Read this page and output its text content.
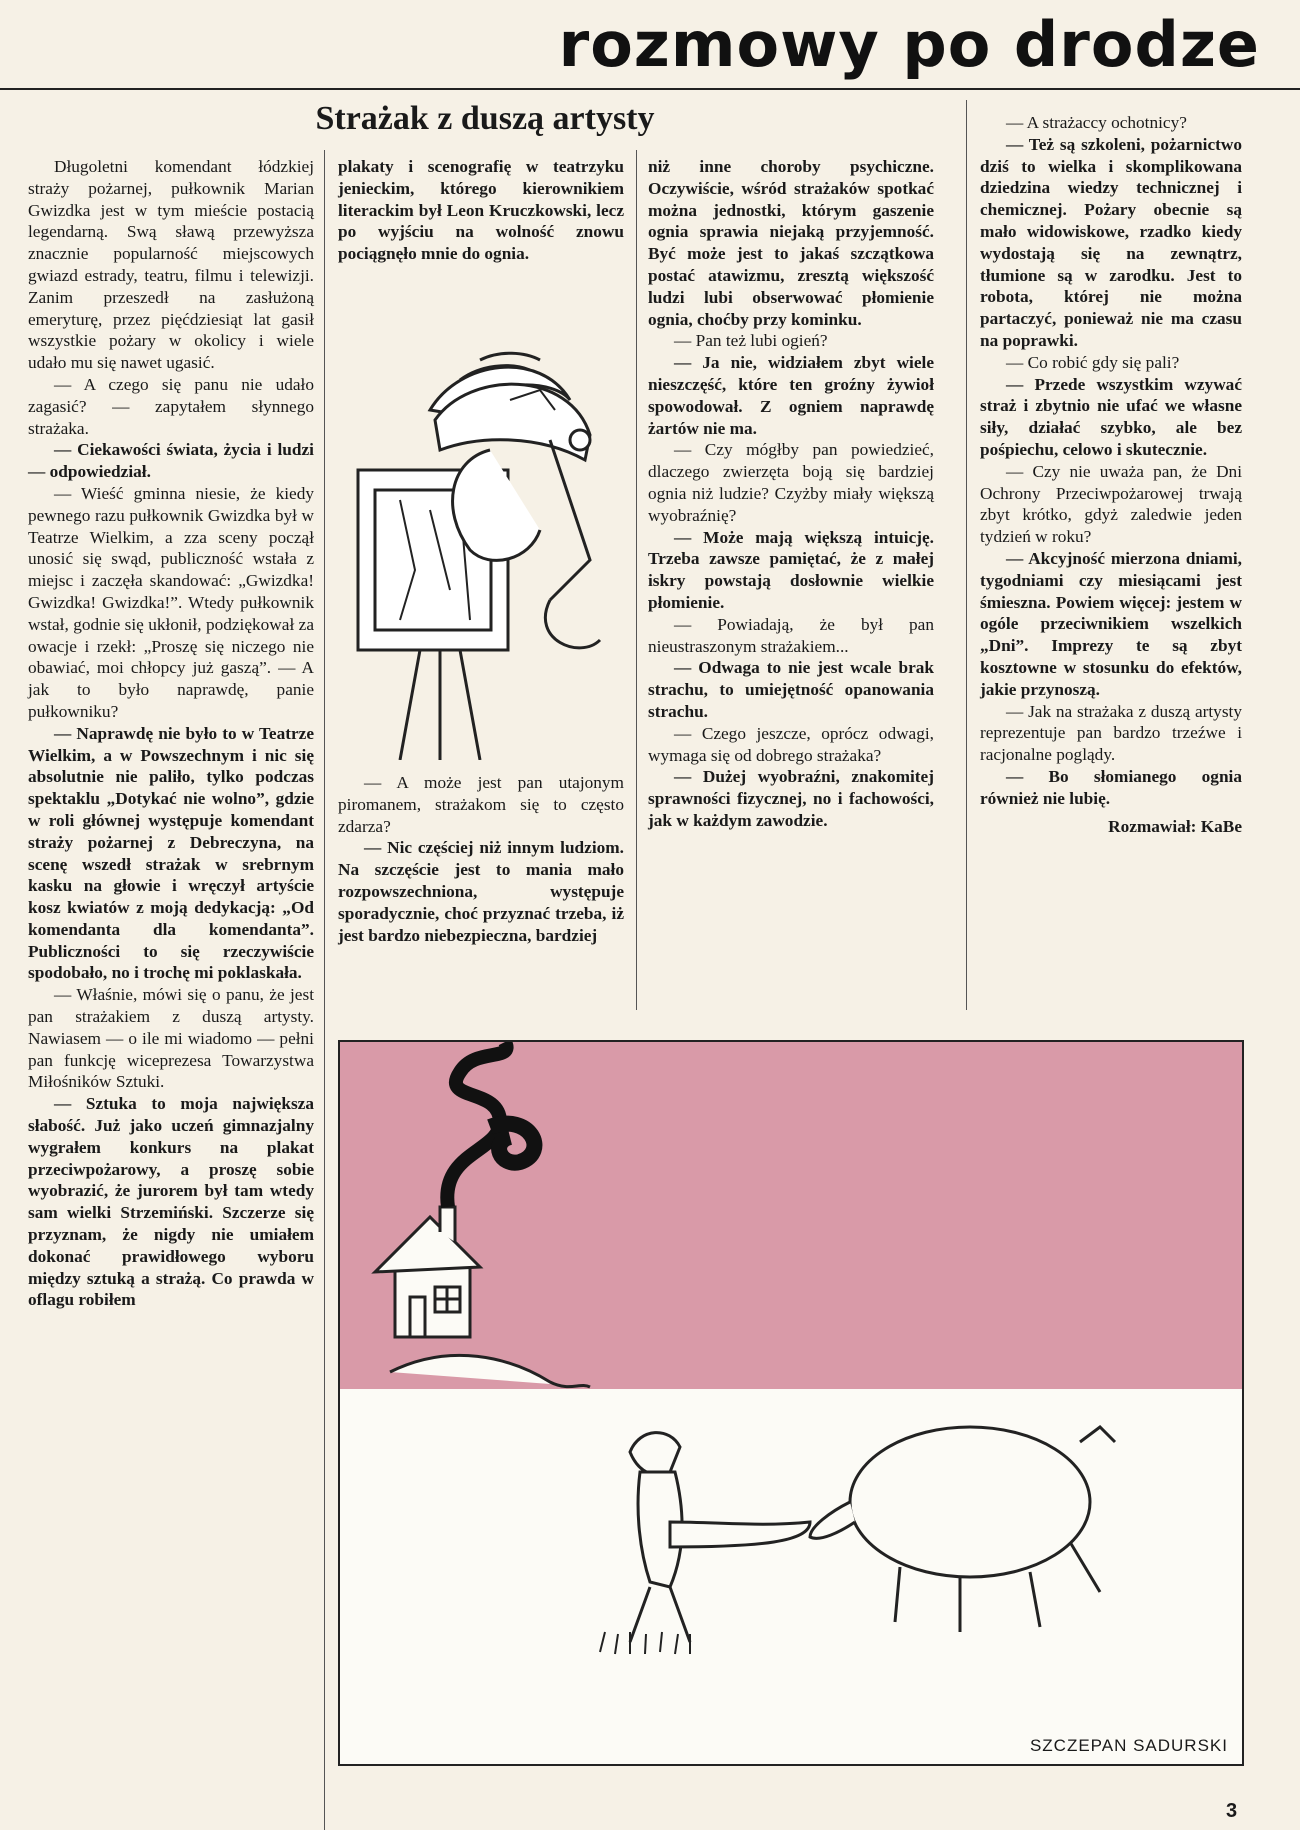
rozmowy po drodze
Strażak z duszą artysty

Długoletni komendant łódzkiej straży pożarnej, pułkownik Marian Gwizdka jest w tym mieście postacią legendarną. Swą sławą przewyższa znacznie popularność miejscowych gwiazd estrady, teatru, filmu i telewizji. Zanim przeszedł na zasłużoną emeryturę, przez pięćdziesiąt lat gasił wszystkie pożary w okolicy i wiele udało mu się nawet ugasić.

— A czego się panu nie udało zagasić? — zapytałem słynnego strażaka.

— Ciekawości świata, życia i ludzi — odpowiedział.

— Wieść gminna niesie, że kiedy pewnego razu pułkownik Gwizdka był w Teatrze Wielkim, a zza sceny począł unosić się swąd, publiczność wstała z miejsc i zaczęła skandować: „Gwizdka! Gwizdka! Gwizdka!”. Wtedy pułkownik wstał, godnie się ukłonił, podziękował za owacje i rzekł: „Proszę się niczego nie obawiać, moi chłopcy już gaszą”. — A jak to było naprawdę, panie pułkowniku?

— Naprawdę nie było to w Teatrze Wielkim, a w Powszechnym i nic się absolutnie nie paliło, tylko podczas spektaklu „Dotykać nie wolno”, gdzie w roli głównej występuje komendant straży pożarnej z Debreczyna, na scenę wszedł strażak w srebrnym kasku na głowie i wręczył artyście kosz kwiatów z moją dedykacją: „Od komendanta dla komendanta”. Publiczności to się rzeczywiście spodobało, no i trochę mi poklaskała.

— Właśnie, mówi się o panu, że jest pan strażakiem z duszą artysty. Nawiasem — o ile mi wiadomo — pełni pan funkcję wiceprezesa Towarzystwa Miłośników Sztuki.

— Sztuka to moja największa słabość. Już jako uczeń gimnazjalny wygrałem konkurs na plakat przeciwpożarowy, a proszę sobie wyobrazić, że jurorem był tam wtedy sam wielki Strzemiński. Szczerze się przyznam, że nigdy nie umiałem dokonać prawidłowego wyboru między sztuką a strażą. Co prawda w oflagu robiłem

plakaty i scenografię w teatrzyku jenieckim, którego kierownikiem literackim był Leon Kruczkowski, lecz po wyjściu na wolność znowu pociągnęło mnie do ognia.

— A może jest pan utajonym piromanem, strażakom się to często zdarza?

— Nic częściej niż innym ludziom. Na szczęście jest to mania mało rozpowszechniona, występuje sporadycznie, choć przyznać trzeba, iż jest bardzo niebezpieczna, bardziej

niż inne choroby psychiczne. Oczywiście, wśród strażaków spotkać można jednostki, którym gaszenie ognia sprawia niejaką przyjemność. Być może jest to jakaś szczątkowa postać atawizmu, zresztą większość ludzi lubi obserwować płomienie ognia, choćby przy kominku.

— Pan też lubi ogień?

— Ja nie, widziałem zbyt wiele nieszczęść, które ten groźny żywioł spowodował. Z ogniem naprawdę żartów nie ma.

— Czy mógłby pan powiedzieć, dlaczego zwierzęta boją się bardziej ognia niż ludzie? Czyżby miały większą wyobraźnię?

— Może mają większą intuicję. Trzeba zawsze pamiętać, że z małej iskry powstają dosłownie wielkie płomienie.

— Powiadają, że był pan nieustraszonym strażakiem...

— Odwaga to nie jest wcale brak strachu, to umiejętność opanowania strachu.

— Czego jeszcze, oprócz odwagi, wymaga się od dobrego strażaka?

— Dużej wyobraźni, znakomitej sprawności fizycznej, no i fachowości, jak w każdym zawodzie.

— A strażaccy ochotnicy?

— Też są szkoleni, pożarnictwo dziś to wielka i skomplikowana dziedzina wiedzy technicznej i chemicznej. Pożary obecnie są mało widowiskowe, rzadko kiedy wydostają się na zewnątrz, tłumione są w zarodku. Jest to robota, której nie można partaczyć, ponieważ nie ma czasu na poprawki.

— Co robić gdy się pali?

— Przede wszystkim wzywać straż i zbytnio nie ufać we własne siły, działać szybko, ale bez pośpiechu, celowo i skutecznie.

— Czy nie uważa pan, że Dni Ochrony Przeciwpożarowej trwają zbyt krótko, gdyż zaledwie jeden tydzień w roku?

— Akcyjność mierzona dniami, tygodniami czy miesiącami jest śmieszna. Powiem więcej: jestem w ogóle przeciwnikiem wszelkich „Dni”. Imprezy te są zbyt kosztowne w stosunku do efektów, jakie przynoszą.

— Jak na strażaka z duszą artysty reprezentuje pan bardzo trzeźwe i racjonalne poglądy.

— Bo słomianego ognia również nie lubię.

Rozmawiał: KaBe

SZCZEPAN SADURSKI
3
